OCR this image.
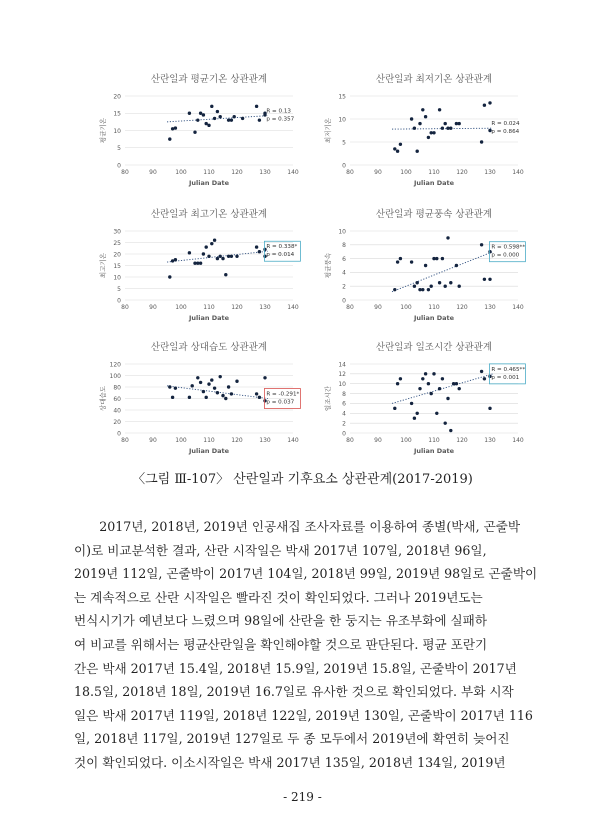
산란일과 평균기온 상관관계
0
5
10
15
20
80	90	100	110	120	130	140
Julian Date
평균기온
R = 0.13
p = 0.357
산란일과 최저기온 상관관계
0
5
10
15
80	90	100	110	120	130	140
Julian Date
최저기온	R = 0.024
p = 0.864
산란일과 최고기온 상관관계
0
5
10
15
20
25
30
80	90	100	110	120	130	140
Julian Date
최고기온
R = 0.338*
p = 0.014
산란일과 평균풍속 상관관계
0
2
4
6
8
10
80	90	100	110	120	130	140
Julian Date
평균풍속
R = 0.598**
p = 0.000
산란일과 상대습도 상관관계
0
20
40
60
80
100
120
80	90	100	110	120	130	140
Julian Date
상대습도	R = -0.291*
p = 0.037
산란일과 일조시간 상관관계
0
2
4
6
8
10
12
14
80	90	100	110	120	130	140
Julian Date
일조시간
R = 0.465**
p = 0.001
〈그림 Ⅲ-107〉 산란일과 기후요소 상관관계(2017-2019)
2017년, 2018년, 2019년 인공새집 조사자료를 이용하여 종별(박새, 곤줄박
이)로 비교분석한 결과, 산란 시작일은 박새 2017년 107일, 2018년 96일,
2019년 112일, 곤줄박이 2017년 104일, 2018년 99일, 2019년 98일로 곤줄박이
는 계속적으로 산란 시작일은 빨라진 것이 확인되었다. 그러나 2019년도는
번식시기가 예년보다 느렸으며 98일에 산란을 한 둥지는 유조부화에 실패하
여 비교를 위해서는 평균산란일을 확인해야할 것으로 판단된다. 평균 포란기
간은 박새 2017년 15.4일, 2018년 15.9일, 2019년 15.8일, 곤줄박이 2017년
18.5일, 2018년 18일, 2019년 16.7일로 유사한 것으로 확인되었다. 부화 시작
일은 박새 2017년 119일, 2018년 122일, 2019년 130일, 곤줄박이 2017년 116
일, 2018년 117일, 2019년 127일로 두 종 모두에서 2019년에 확연히 늦어진
것이 확인되었다. 이소시작일은 박새 2017년 135일, 2018년 134일, 2019년
- 219 -
